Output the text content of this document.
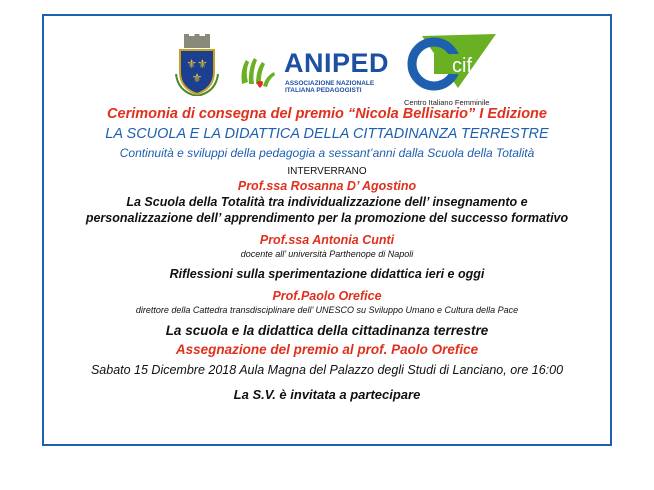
⚜⚜
⚜	ANIPED
ASSOCIAZIONE NAZIONALE
ITALIANA PEDAGOGISTI
cif
Centro Italiano Femminile
Cerimonia di consegna del premio “Nicola Bellisario” I Edizione
LA SCUOLA E LA DIDATTICA DELLA CITTADINANZA TERRESTRE
Continuità e sviluppi della pedagogia a sessant’anni dalla Scuola della Totalità
INTERVERRANO
Prof.ssa Rosanna D’ Agostino
La Scuola della Totalità tra individualizzazione dell’ insegnamento e
personalizzazione dell’ apprendimento per la promozione del successo formativo
Prof.ssa Antonia Cunti
docente all’ università Parthenope di Napoli
Riflessioni sulla sperimentazione didattica ieri e oggi
Prof.Paolo Orefice
direttore della Cattedra transdisciplinare dell’ UNESCO su Sviluppo Umano e Cultura della Pace
La scuola e la didattica della cittadinanza terrestre
Assegnazione del premio al prof. Paolo Orefice
Sabato 15 Dicembre 2018 Aula Magna del Palazzo degli Studi di Lanciano, ore 16:00
La S.V. è invitata a partecipare
